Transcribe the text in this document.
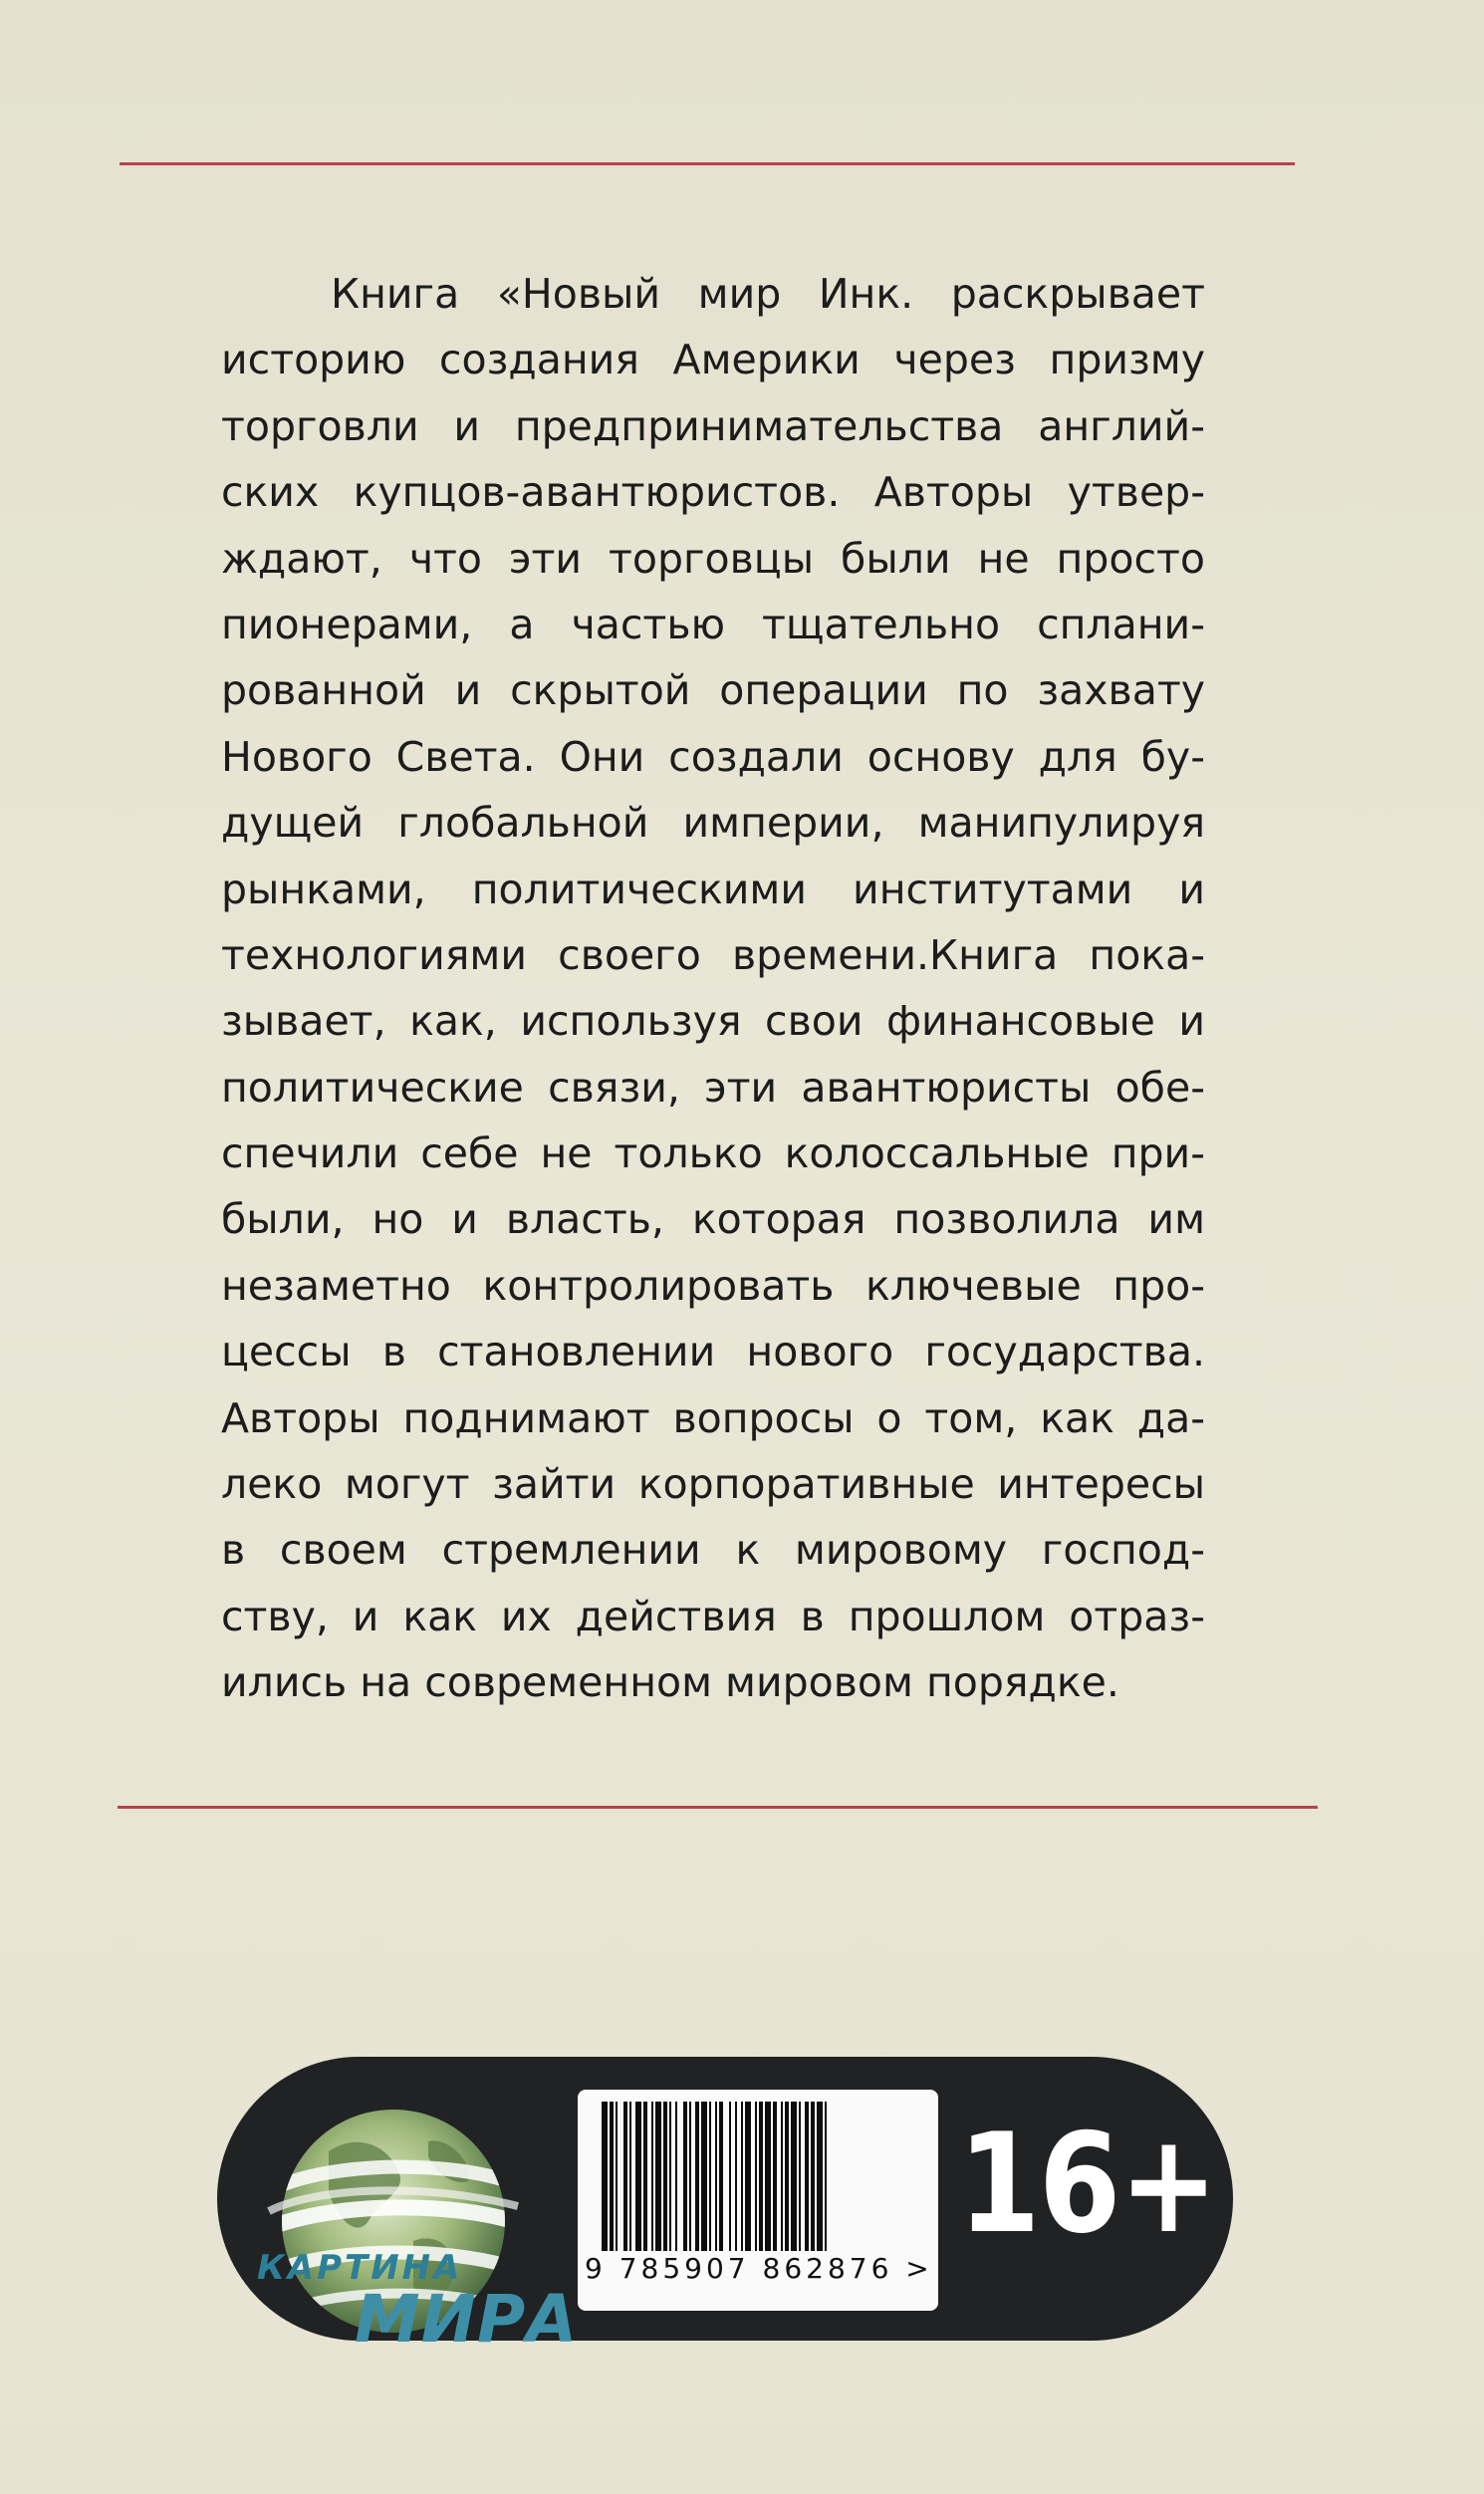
Книга «Новый мир Инк. раскрывает
историю создания Америки через призму
торговли и предпринимательства англий-
ских купцов-авантюристов. Авторы утвер-
ждают, что эти торговцы были не просто
пионерами, а частью тщательно сплани-
рованной и скрытой операции по захвату
Нового Света. Они создали основу для бу-
дущей глобальной империи, манипулируя
рынками, политическими институтами и
технологиями своего времени.Книга пока-
зывает, как, используя свои финансовые и
политические связи, эти авантюристы обе-
спечили себе не только колоссальные при-
были, но и власть, которая позволила им
незаметно контролировать ключевые про-
цессы в становлении нового государства.
Авторы поднимают вопросы о том, как да-
леко могут зайти корпоративные интересы
в своем стремлении к мировому господ-
ству, и как их действия в прошлом отраз-
ились на современном мировом порядке.
КАРТИНА
МИРА
9 785907 862876 >
16+
